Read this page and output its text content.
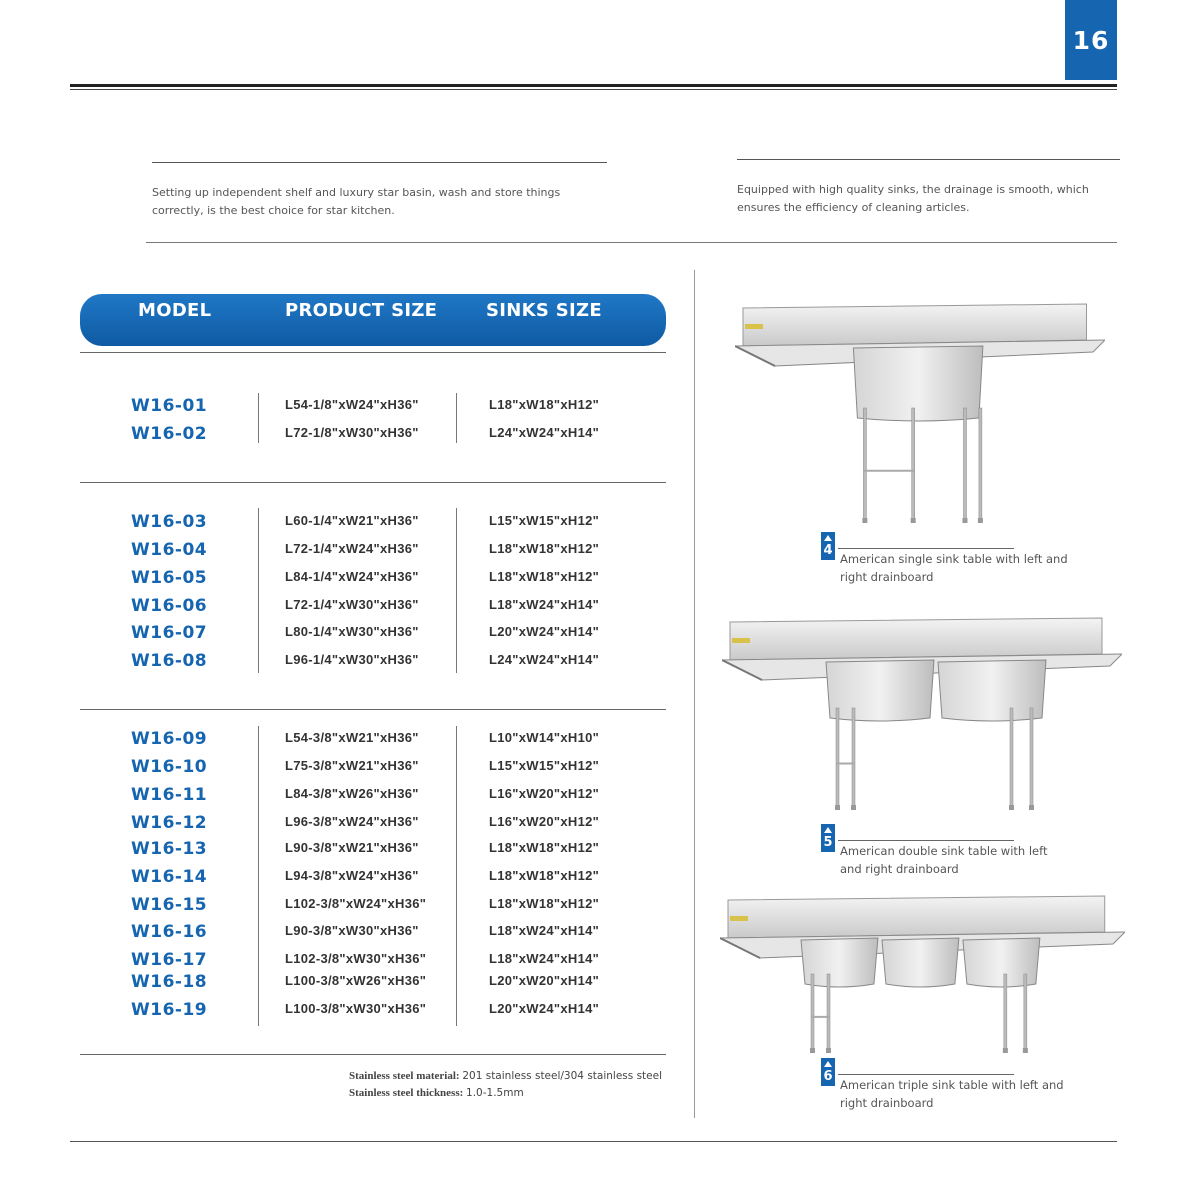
16
Setting up independent shelf and luxury star basin, wash and store things correctly, is the best choice for star kitchen.
Equipped with high quality sinks, the drainage is smooth, which ensures the efficiency of cleaning articles.
MODEL	PRODUCT SIZE	SINKS SIZE
W16-01	L54-1/8"xW24"xH36"	L18"xW18"xH12"
W16-02	L72-1/8"xW30"xH36"	L24"xW24"xH14"
W16-03	L60-1/4"xW21"xH36"	L15"xW15"xH12"
W16-04	L72-1/4"xW24"xH36"	L18"xW18"xH12"
W16-05	L84-1/4"xW24"xH36"	L18"xW18"xH12"
W16-06	L72-1/4"xW30"xH36"	L18"xW24"xH14"
W16-07	L80-1/4"xW30"xH36"	L20"xW24"xH14"
W16-08	L96-1/4"xW30"xH36"	L24"xW24"xH14"
W16-09	L54-3/8"xW21"xH36"	L10"xW14"xH10"
W16-10	L75-3/8"xW21"xH36"	L15"xW15"xH12"
W16-11	L84-3/8"xW26"xH36"	L16"xW20"xH12"
W16-12	L96-3/8"xW24"xH36"	L16"xW20"xH12"
W16-13	L90-3/8"xW21"xH36"	L18"xW18"xH12"
W16-14	L94-3/8"xW24"xH36"	L18"xW18"xH12"
W16-15	L102-3/8"xW24"xH36"	L18"xW18"xH12"
W16-16	L90-3/8"xW30"xH36"	L18"xW24"xH14"
W16-17	L102-3/8"xW30"xH36"	L18"xW24"xH14"
W16-18	L100-3/8"xW26"xH36"	L20"xW20"xH14"
W16-19	L100-3/8"xW30"xH36"	L20"xW24"xH14"
Stainless steel material: 201 stainless steel/304 stainless steel
Stainless steel thickness: 1.0-1.5mm
4
American single sink table with left and right drainboard
5
American double sink table with left and right drainboard
6
American triple sink table with left and right drainboard
